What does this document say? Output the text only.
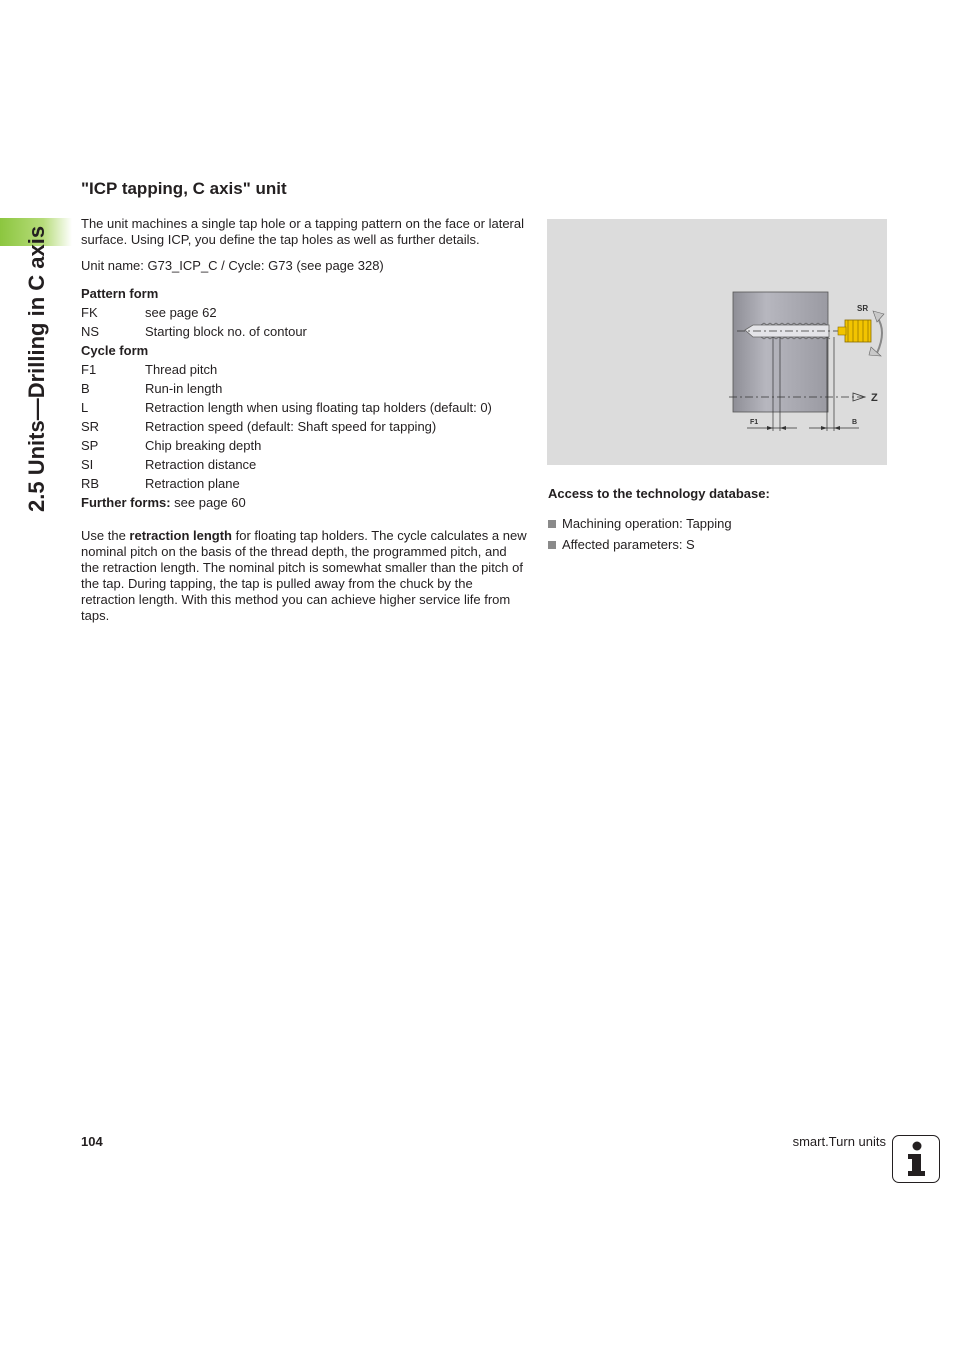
2.5 Units—Drilling in C axis
"ICP tapping, C axis" unit

The unit machines a single tap hole or a tapping pattern on the face or lateral surface. Using ICP, you define the tap holes as well as further details.

Unit name: G73_ICP_C / Cycle: G73 (see page 328)

Pattern form
FK	see page 62
NS	Starting block no. of contour
Cycle form
F1	Thread pitch
B	Run-in length
L	Retraction length when using floating tap holders (default: 0)
SR	Retraction speed (default: Shaft speed for tapping)
SP	Chip breaking depth
SI	Retraction distance
RB	Retraction plane
Further forms: see page 60

Use the retraction length for floating tap holders. The cycle calculates a new nominal pitch on the basis of the thread depth, the programmed pitch, and the retraction length. The nominal pitch is somewhat smaller than the pitch of the tap. During tapping, the tap is pulled away from the chuck by the retraction length. With this method you can achieve higher service life from taps.

SR
Z
F1	B
Access to the technology database:
Machining operation: Tapping
Affected parameters: S
104	smart.Turn units
